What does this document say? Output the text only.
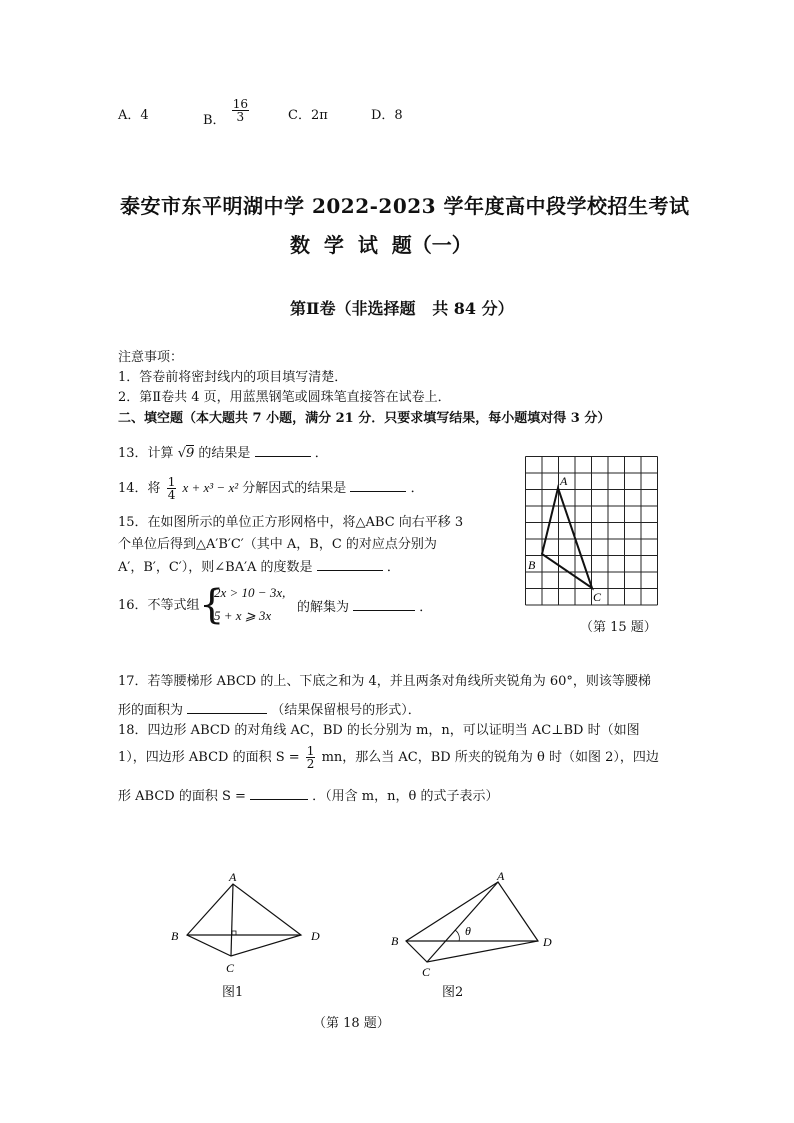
A．4	B． $\frac{16}{3}$	C．2π	D．8
泰安市东平明湖中学 2022-2023 学年度高中段学校招生考试
数  学  试  题（一）
第Ⅱ卷（非选择题   共 84 分）
注意事项：
1．答卷前将密封线内的项目填写清楚．
2．第Ⅱ卷共 4 页，用蓝黑钢笔或圆珠笔直接答在试卷上．
二、填空题（本大题共 7 小题，满分 21 分．只要求填写结果，每小题填对得 3 分）
13．计算 √9 的结果是	．
14．将 $\frac{1}{4}$ x + x³ − x² 分解因式的结果是	．
15．在如图所示的单位正方形网格中，将△ABC 向右平移 3
个单位后得到△A′B′C′（其中 A，B，C 的对应点分别为
A′，B′，C′），则∠BA′A 的度数是	．
16．不等式组 {
2x > 10 − 3x,
5 + x ⩾ 3x
的解集为	．
A
B
C
（第 15 题）
17．若等腰梯形 ABCD 的上、下底之和为 4，并且两条对角线所夹锐角为 60°，则该等腰梯
形的面积为	（结果保留根号的形式）．
18．四边形 ABCD 的对角线 AC，BD 的长分别为 m，n，可以证明当 AC⊥BD 时（如图
1），四边形 ABCD 的面积 $S = \frac{1}{2}$ mn，那么当 AC，BD 所夹的锐角为 θ 时（如图 2），四边
形 ABCD 的面积 S =	．（用含 m，n，θ 的式子表示）
A
B
C
D
图1
θ
A
B
C
D
图2
（第 18 题）
